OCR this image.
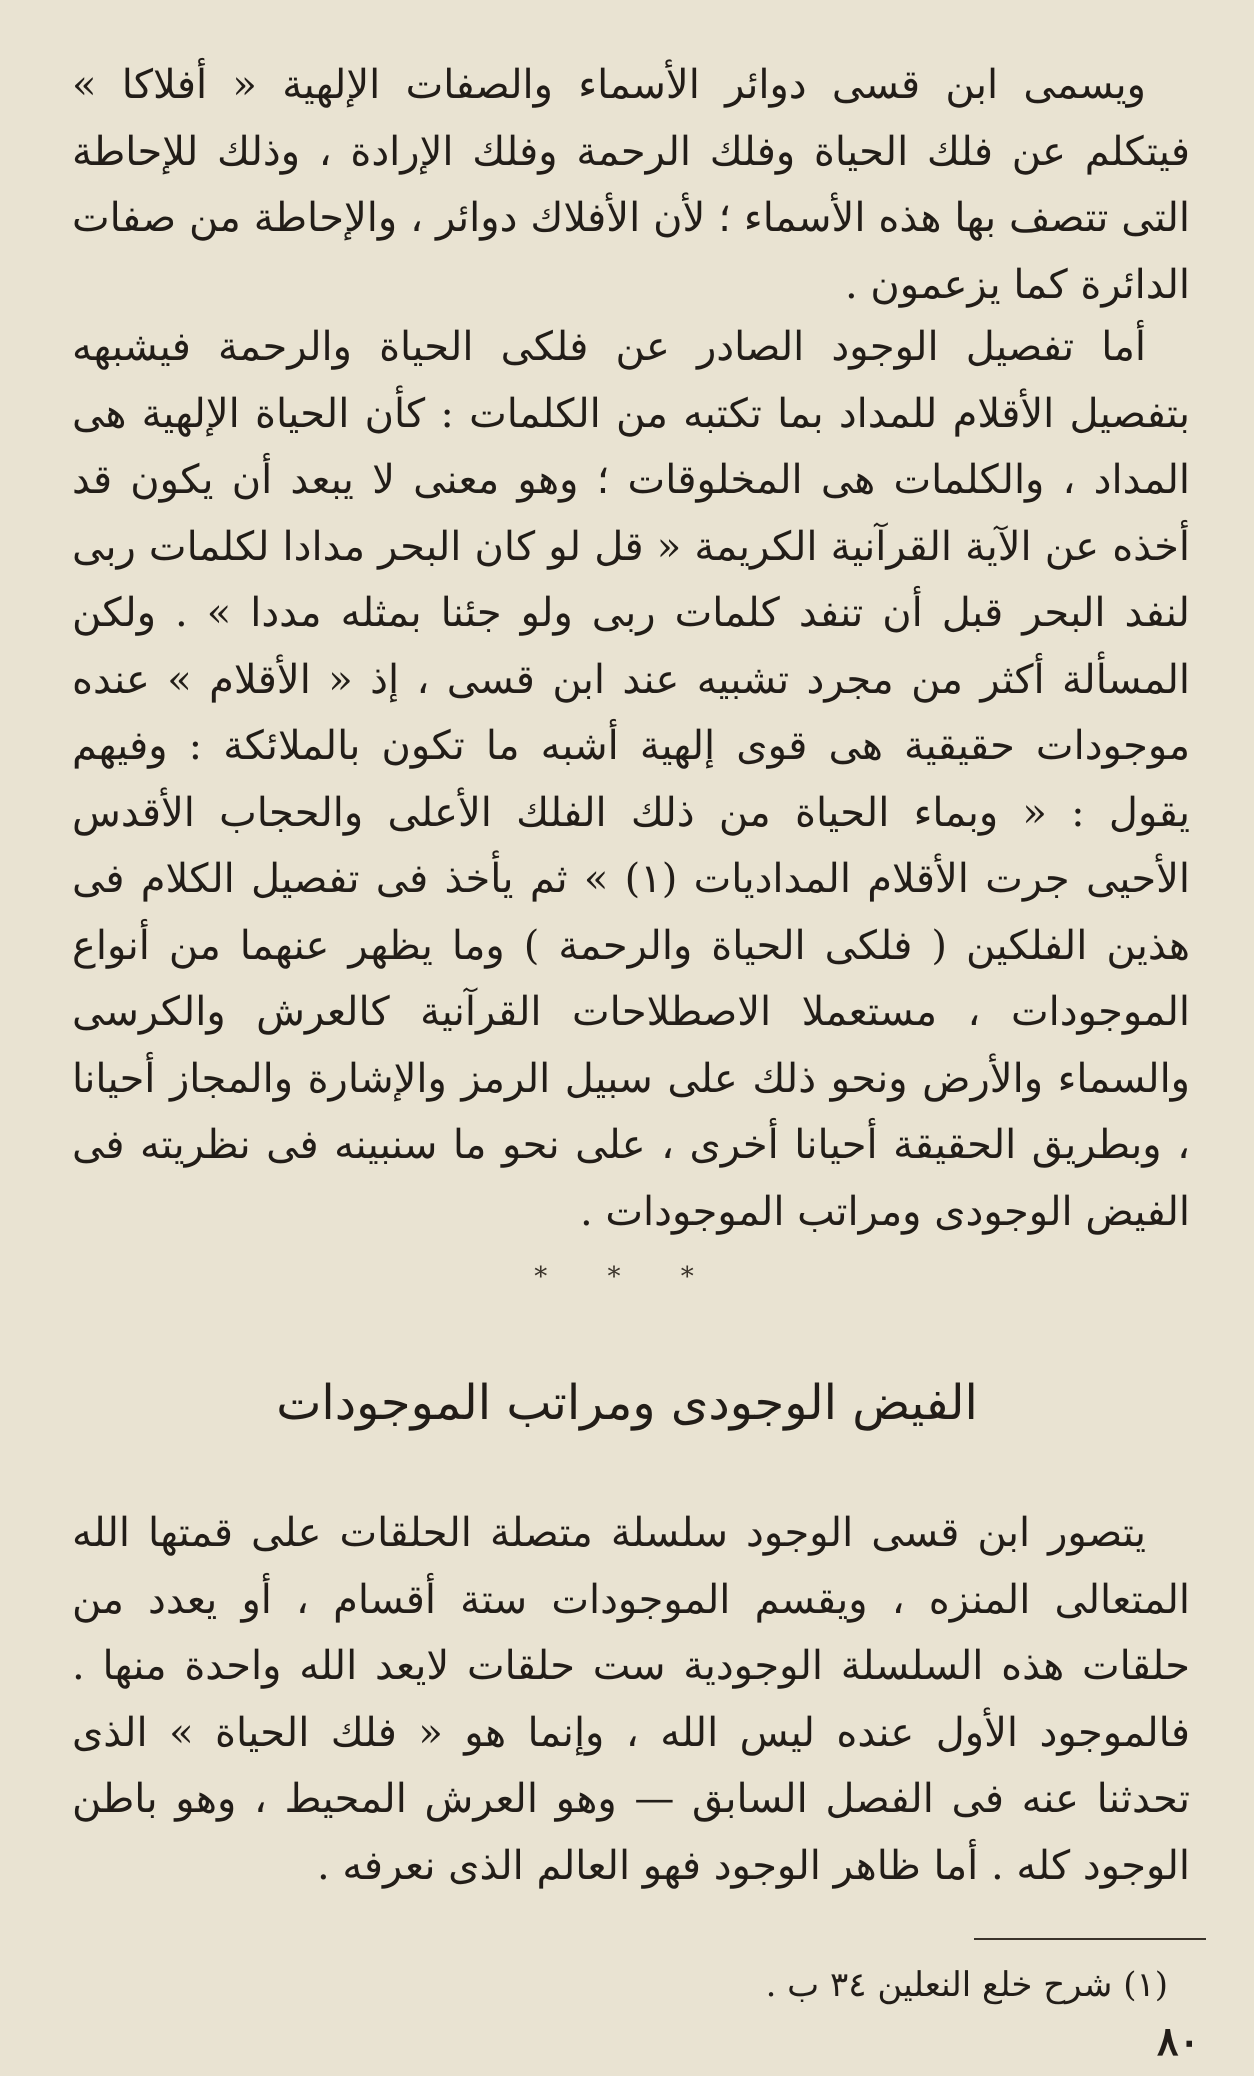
ويسمى ابن قسى دوائر الأسماء والصفات الإلهية « أفلاكا » فيتكلم عن فلك الحياة وفلك الرحمة وفلك الإرادة ، وذلك للإحاطة التى تتصف بها هذه الأسماء ؛ لأن الأفلاك دوائر ، والإحاطة من صفات الدائرة كما يزعمون .

أما تفصيل الوجود الصادر عن فلكى الحياة والرحمة فيشبهه بتفصيل الأقلام للمداد بما تكتبه من الكلمات : كأن الحياة الإلهية هى المداد ، والكلمات هى المخلوقات ؛ وهو معنى لا يبعد أن يكون قد أخذه عن الآية القرآنية الكريمة « قل لو كان البحر مدادا لكلمات ربى لنفد البحر قبل أن تنفد كلمات ربى ولو جئنا بمثله مددا » . ولكن المسألة أكثر من مجرد تشبيه عند ابن قسى ، إذ « الأقلام » عنده موجودات حقيقية هى قوى إلهية أشبه ما تكون بالملائكة : وفيهم يقول : « وبماء الحياة من ذلك الفلك الأعلى والحجاب الأقدس الأحيى جرت الأقلام المداديات (١) » ثم يأخذ فى تفصيل الكلام فى هذين الفلكين ( فلكى الحياة والرحمة ) وما يظهر عنهما من أنواع الموجودات ، مستعملا الاصطلاحات القرآنية كالعرش والكرسى والسماء والأرض ونحو ذلك على سبيل الرمز والإشارة والمجاز أحيانا ، وبطريق الحقيقة أحيانا أخرى ، على نحو ما سنبينه فى نظريته فى الفيض الوجودى ومراتب الموجودات .

* * *
الفيض الوجودى ومراتب الموجودات

يتصور ابن قسى الوجود سلسلة متصلة الحلقات على قمتها الله المتعالى المنزه ، ويقسم الموجودات ستة أقسام ، أو يعدد من حلقات هذه السلسلة الوجودية ست حلقات لايعد الله واحدة منها . فالموجود الأول عنده ليس الله ، وإنما هو « فلك الحياة » الذى تحدثنا عنه فى الفصل السابق — وهو العرش المحيط ، وهو باطن الوجود كله . أما ظاهر الوجود فهو العالم الذى نعرفه .

(١) شرح خلع النعلين ٣٤ ب .

٨٠
